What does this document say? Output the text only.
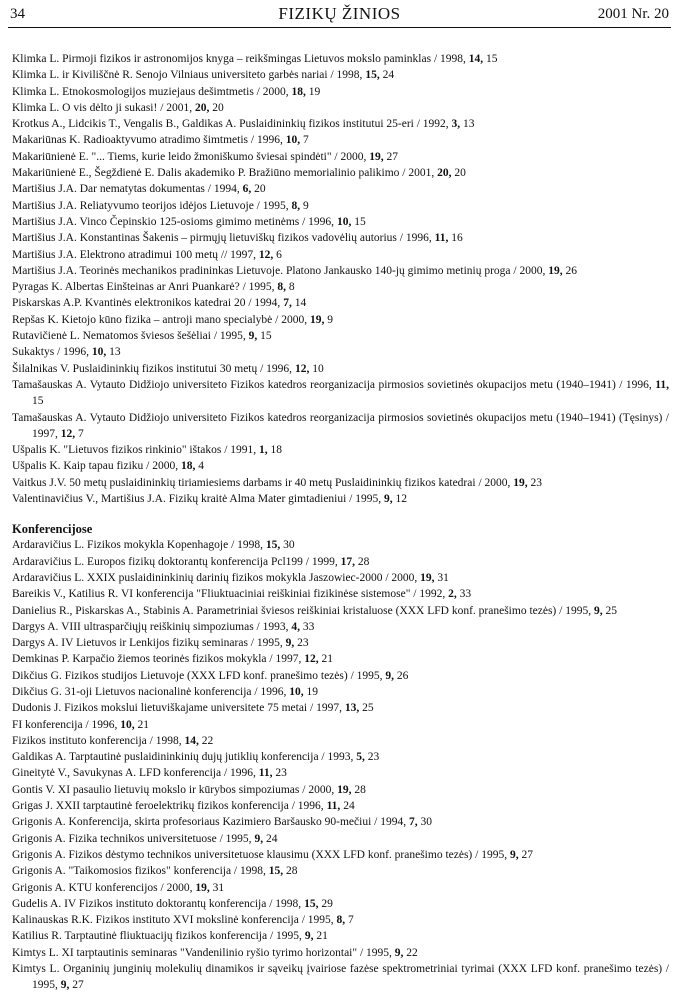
34	FIZIKŲ ŽINIOS	2001 Nr. 20
Klimka L. Pirmoji fizikos ir astronomijos knyga – reikšmingas Lietuvos mokslo paminklas / 1998, 14, 15
Klimka L. ir Kiviliščnė R. Senojo Vilniaus universiteto garbės nariai / 1998, 15, 24
Klimka L. Etnokosmologijos muziejaus dešimtmetis / 2000, 18, 19
Klimka L. O vis dėlto ji sukasi! / 2001, 20, 20
Krotkus A., Lidcikis T., Vengalis B., Galdikas A. Puslaidininkių fizikos institutui 25-eri / 1992, 3, 13
Makariūnas K. Radioaktyvumo atradimo šimtmetis / 1996, 10, 7
Makariūnienė E. "... Tiems, kurie leido žmoniškumo šviesai spindėti" / 2000, 19, 27
Makariūnienė E., Šegždienė E. Dalis akademiko P. Bražiūno memorialinio palikimo / 2001, 20, 20
Martišius J.A. Dar nematytas dokumentas / 1994, 6, 20
Martišius J.A. Reliatyvumo teorijos idėjos Lietuvoje / 1995, 8, 9
Martišius J.A. Vinco Čepinskio 125-osioms gimimo metinėms / 1996, 10, 15
Martišius J.A. Konstantinas Šakenis – pirmųjų lietuviškų fizikos vadovėlių autorius / 1996, 11, 16
Martišius J.A. Elektrono atradimui 100 metų // 1997, 12, 6
Martišius J.A. Teorinės mechanikos pradininkas Lietuvoje. Platono Jankausko 140-jų gimimo metinių proga / 2000, 19, 26
Pyragas K. Albertas Einšteinas ar Anri Puankarė? / 1995, 8, 8
Piskarskas A.P. Kvantinės elektronikos katedrai 20 / 1994, 7, 14
Repšas K. Kietojo kūno fizika – antroji mano specialybė / 2000, 19, 9
Rutavičienė L. Nematomos šviesos šešėliai / 1995, 9, 15
Sukaktys / 1996, 10, 13
Šilalnikas V. Puslaidininkių fizikos institutui 30 metų / 1996, 12, 10
Tamašauskas A. Vytauto Didžiojo universiteto Fizikos katedros reorganizacija pirmosios sovietinės okupacijos metu (1940–1941) / 1996, 11, 15
Tamašauskas A. Vytauto Didžiojo universiteto Fizikos katedros reorganizacija pirmosios sovietinės okupacijos metu (1940–1941) (Tęsinys) / 1997, 12, 7
Ušpalis K. "Lietuvos fizikos rinkinio" ištakos / 1991, 1, 18
Ušpalis K. Kaip tapau fiziku / 2000, 18, 4
Vaitkus J.V. 50 metų puslaidininkių tiriamiesiems darbams ir 40 metų Puslaidininkių fizikos katedrai / 2000, 19, 23
Valentinavičius V., Martišius J.A. Fizikų kraitė Alma Mater gimtadieniui / 1995, 9, 12
Konferencijose
Ardaravičius L. Fizikos mokykla Kopenhagoje / 1998, 15, 30
Ardaravičius L. Europos fizikų doktorantų konferencija Pcl199 / 1999, 17, 28
Ardaravičius L. XXIX puslaidininkinių darinių fizikos mokykla Jaszowiec-2000 / 2000, 19, 31
Bareikis V., Katilius R. VI konferencija "Fliuktuaciniai reiškiniai fizikinėse sistemose" / 1992, 2, 33
Danielius R., Piskarskas A., Stabinis A. Parametriniai šviesos reiškiniai kristaluose (XXX LFD konf. pranešimo tezės) / 1995, 9, 25
Dargys A. VIII ultrasparčiųjų reiškinių simpoziumas / 1993, 4, 33
Dargys A. IV Lietuvos ir Lenkijos fizikų seminaras / 1995, 9, 23
Demkinas P. Karpačio žiemos teorinės fizikos mokykla / 1997, 12, 21
Dikčius G. Fizikos studijos Lietuvoje (XXX LFD konf. pranešimo tezės) / 1995, 9, 26
Dikčius G. 31-oji Lietuvos nacionalinė konferencija / 1996, 10, 19
Dudonis J. Fizikos mokslui lietuviškajame universitete 75 metai / 1997, 13, 25
FI konferencija / 1996, 10, 21
Fizikos instituto konferencija / 1998, 14, 22
Galdikas A. Tarptautinė puslaidininkinių dujų jutiklių konferencija / 1993, 5, 23
Gineitytė V., Savukynas A. LFD konferencija / 1996, 11, 23
Gontis V. XI pasaulio lietuvių mokslo ir kūrybos simpoziumas / 2000, 19, 28
Grigas J. XXII tarptautinė feroelektrikų fizikos konferencija / 1996, 11, 24
Grigonis A. Konferencija, skirta profesoriaus Kazimiero Baršausko 90-mečiui / 1994, 7, 30
Grigonis A. Fizika technikos universitetuose / 1995, 9, 24
Grigonis A. Fizikos dėstymo technikos universitetuose klausimu (XXX LFD konf. pranešimo tezės) / 1995, 9, 27
Grigonis A. "Taikomosios fizikos" konferencija / 1998, 15, 28
Grigonis A. KTU konferencijos / 2000, 19, 31
Gudelis A. IV Fizikos instituto doktorantų konferencija / 1998, 15, 29
Kalinauskas R.K. Fizikos instituto XVI mokslinė konferencija / 1995, 8, 7
Katilius R. Tarptautinė fliuktuacijų fizikos konferencija / 1995, 9, 21
Kimtys L. XI tarptautinis seminaras "Vandenilinio ryšio tyrimo horizontai" / 1995, 9, 22
Kimtys L. Organinių junginių molekulių dinamikos ir sąveikų įvairiose fazėse spektrometriniai tyrimai (XXX LFD konf. pranešimo tezės) / 1995, 9, 27
